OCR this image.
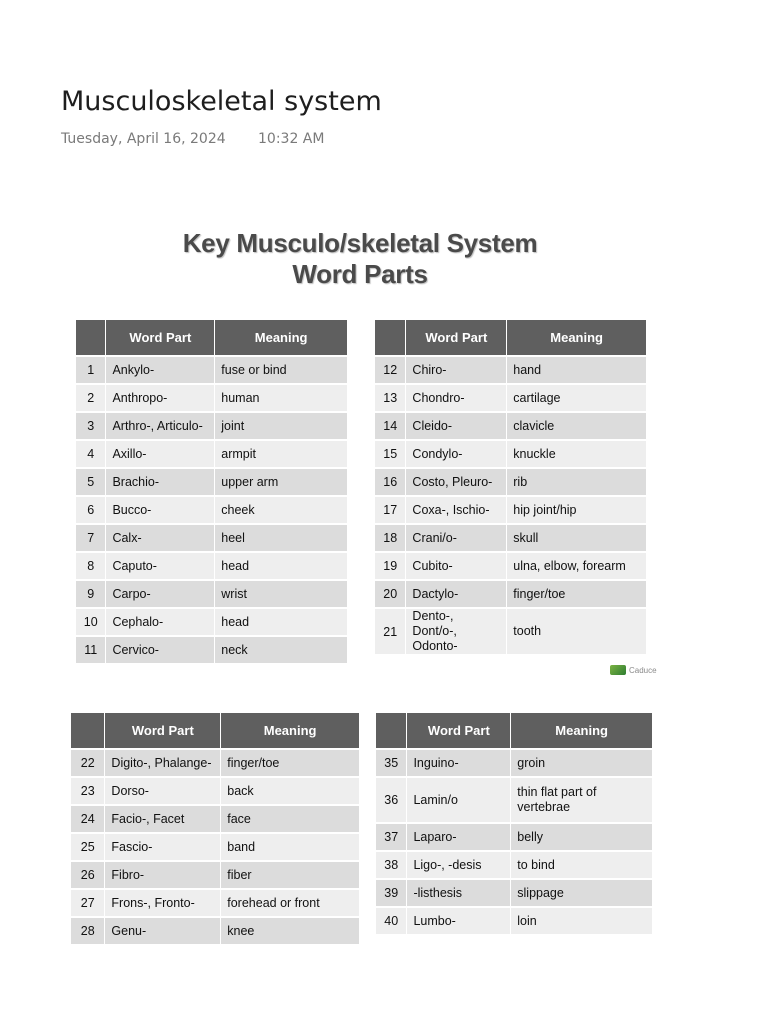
Musculoskeletal system
Tuesday, April 16, 2024 10:32 AM
Key Musculo/skeletal System
Word Parts
	Word Part	Meaning
1	Ankylo-	fuse or bind
2	Anthropo-	human
3	Arthro-, Articulo-	joint
4	Axillo-	armpit
5	Brachio-	upper arm
6	Bucco-	cheek
7	Calx-	heel
8	Caputo-	head
9	Carpo-	wrist
10	Cephalo-	head
11	Cervico-	neck
	Word Part	Meaning
12	Chiro-	hand
13	Chondro-	cartilage
14	Cleido-	clavicle
15	Condylo-	knuckle
16	Costo, Pleuro-	rib
17	Coxa-, Ischio-	hip joint/hip
18	Crani/o-	skull
19	Cubito-	ulna, elbow, forearm
20	Dactylo-	finger/toe
21	Dento-, Dont/o-, Odonto-	tooth
	Word Part	Meaning
22	Digito-, Phalange-	finger/toe
23	Dorso-	back
24	Facio-, Facet	face
25	Fascio-	band
26	Fibro-	fiber
27	Frons-, Fronto-	forehead or front
28	Genu-	knee
	Word Part	Meaning
35	Inguino-	groin
36	Lamin/o	thin flat part of vertebrae
37	Laparo-	belly
38	Ligo-, -desis	to bind
39	-listhesis	slippage
40	Lumbo-	loin
Caduce
